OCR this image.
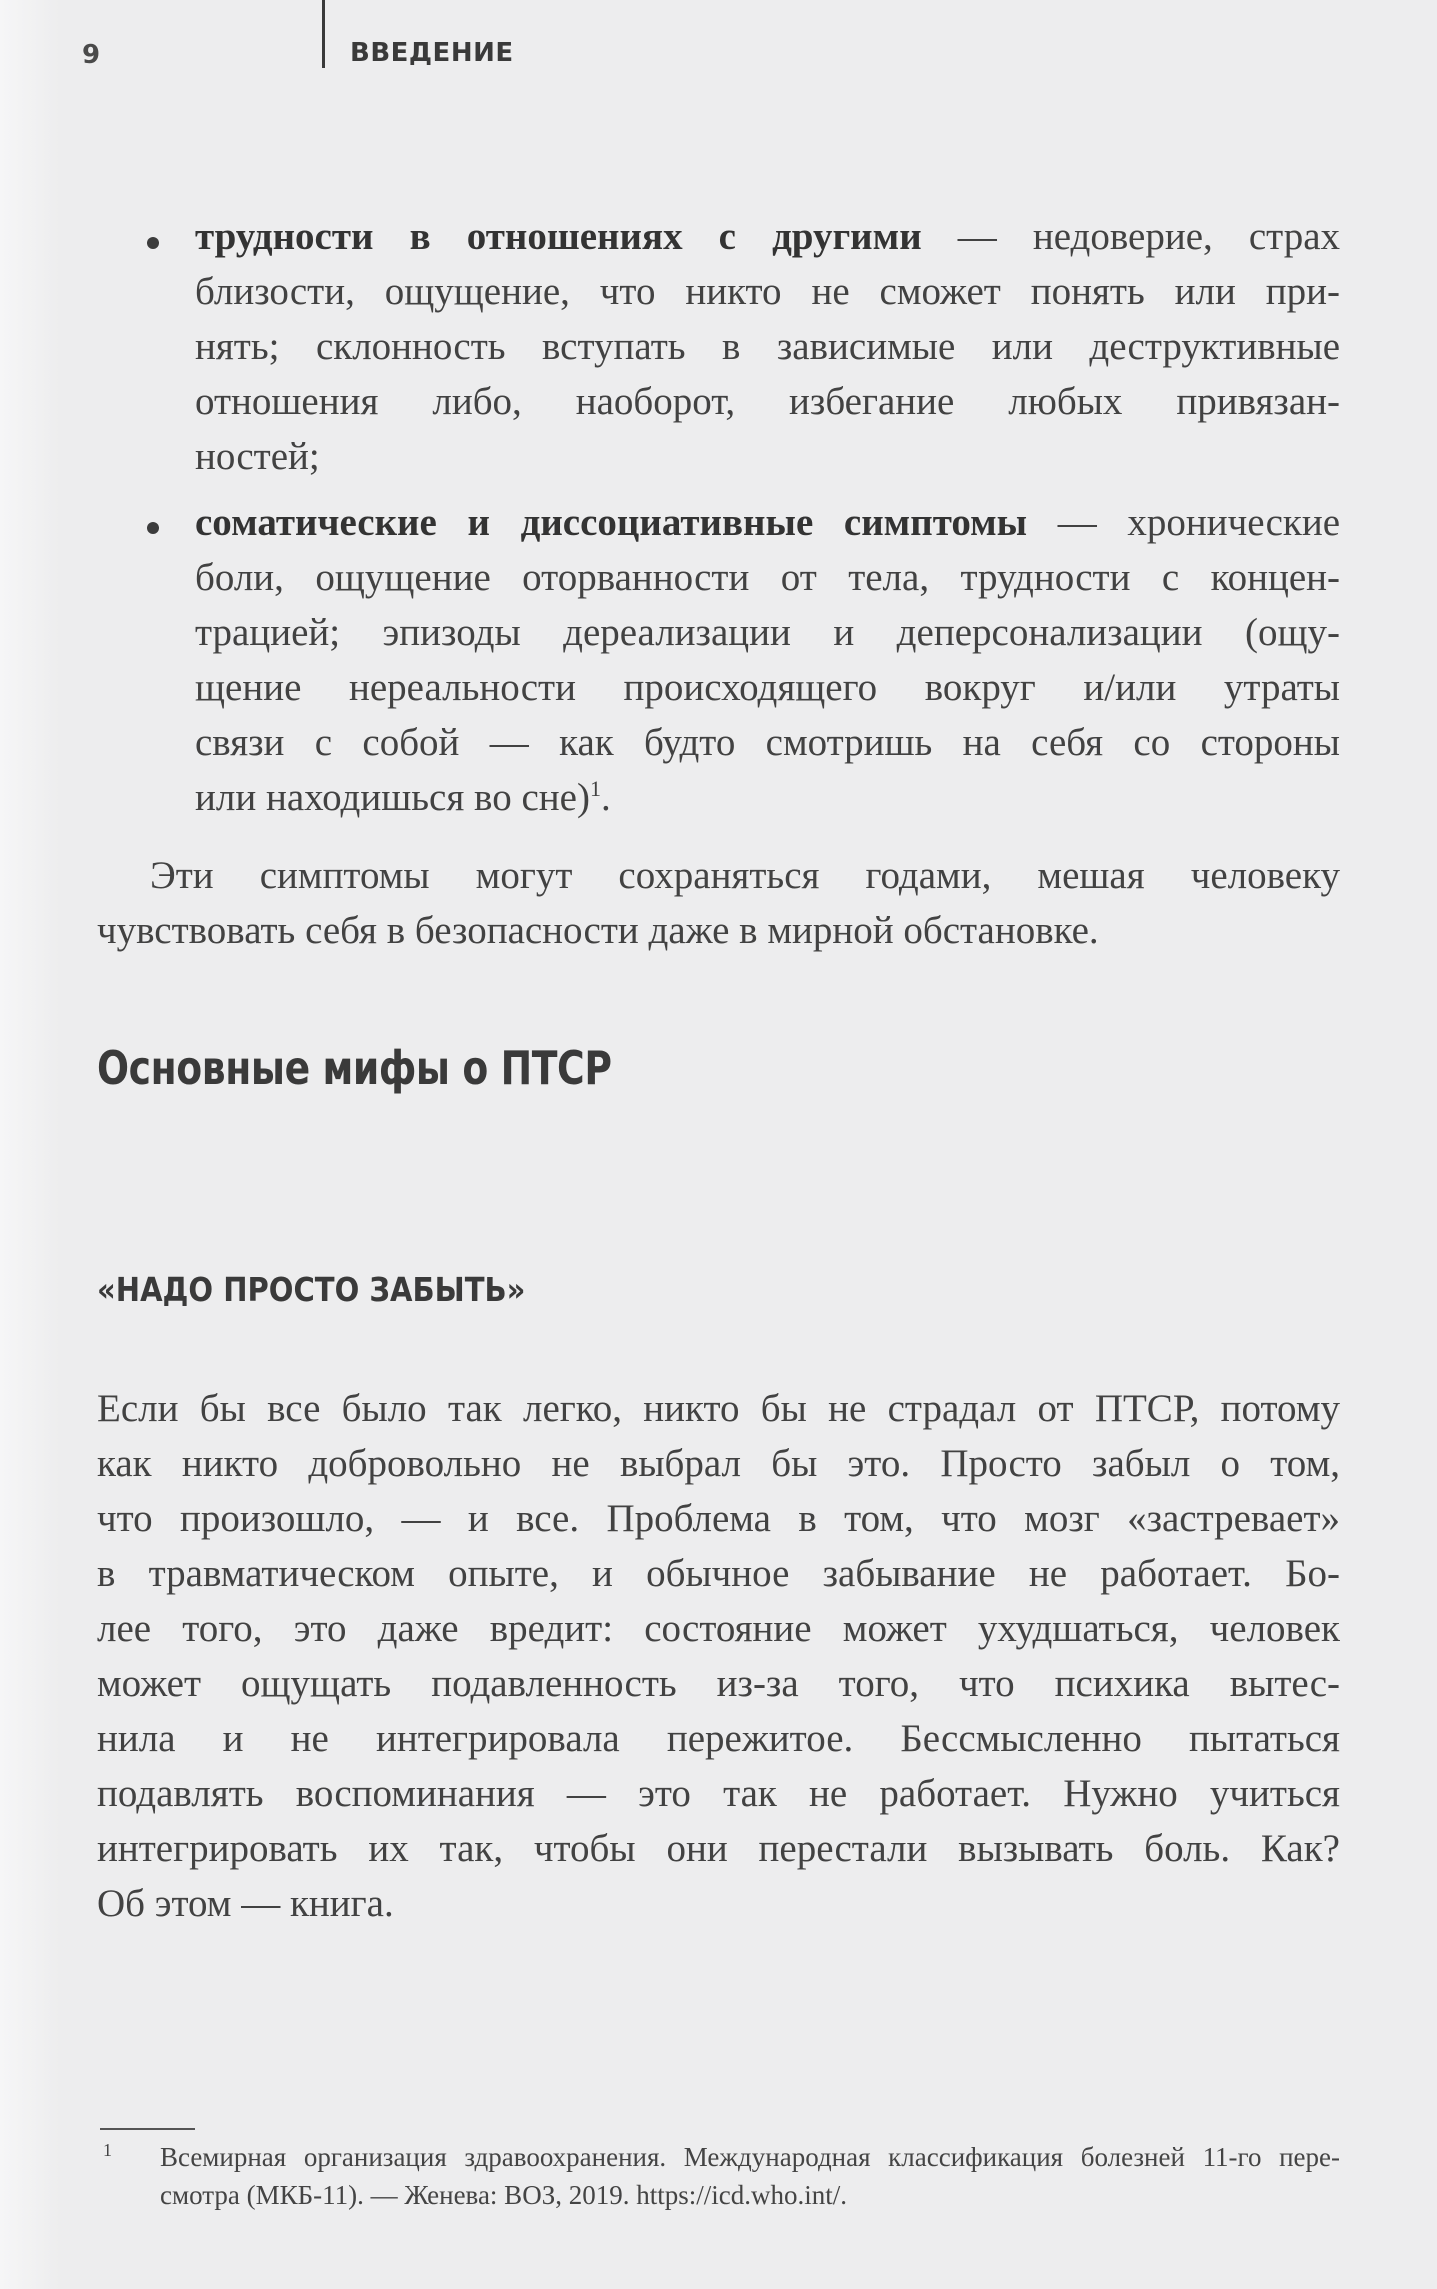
9	ВВЕДЕНИЕ
трудности в отношениях с другими — недоверие, страх
близости, ощущение, что никто не сможет понять или при-
нять; склонность вступать в зависимые или деструктивные
отношения либо, наоборот, избегание любых привязан-
ностей;
соматические и диссоциативные симптомы — хронические
боли, ощущение оторванности от тела, трудности с концен-
трацией; эпизоды дереализации и деперсонализации (ощу-
щение нереальности происходящего вокруг и/или утраты
связи с собой — как будто смотришь на себя со стороны
или находишься во сне)$^1$.
Эти симптомы могут сохраняться годами, мешая человеку
чувствовать себя в безопасности даже в мирной обстановке.
Основные мифы о ПТСР
«НАДО ПРОСТО ЗАБЫТЬ»
Если бы все было так легко, никто бы не страдал от ПТСР, потому
как никто добровольно не выбрал бы это. Просто забыл о том,
что произошло, — и все. Проблема в том, что мозг «застревает»
в травматическом опыте, и обычное забывание не работает. Бо-
лее того, это даже вредит: состояние может ухудшаться, человек
может ощущать подавленность из-за того, что психика вытес-
нила и не интегрировала пережитое. Бессмысленно пытаться
подавлять воспоминания — это так не работает. Нужно учиться
интегрировать их так, чтобы они перестали вызывать боль. Как?
Об этом — книга.
1 Всемирная организация здравоохранения. Международная классификация болезней 11-го пере-
смотра (МКБ-11). — Женева: ВОЗ, 2019. https://icd.who.int/.
